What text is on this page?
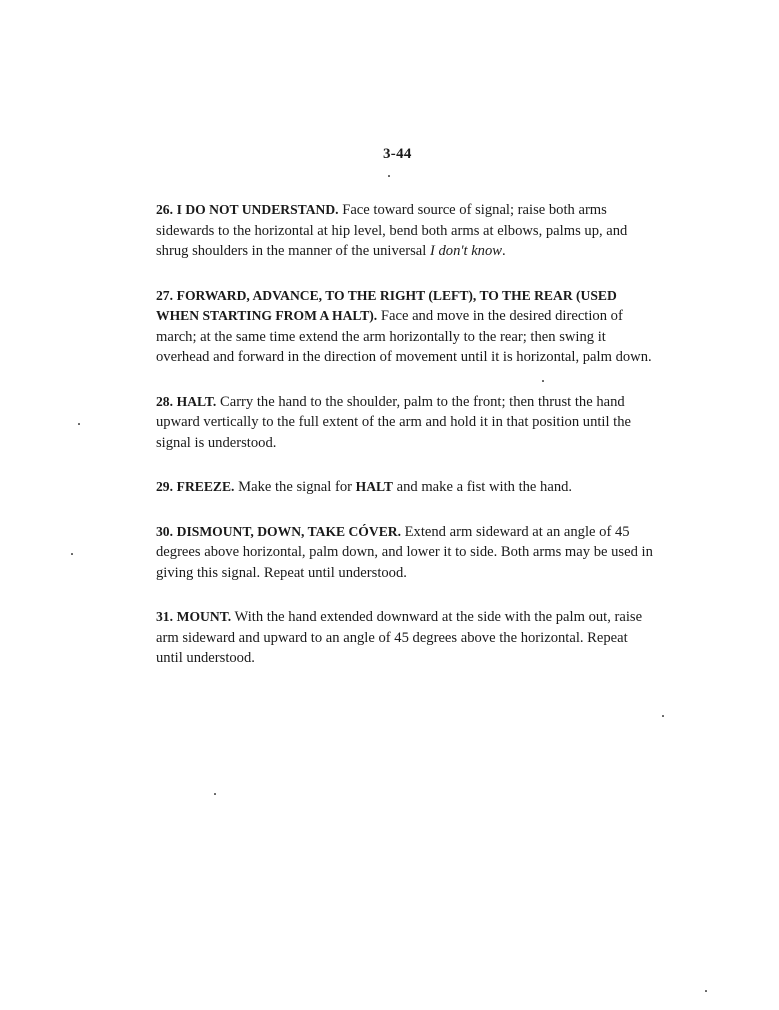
3-44

26. I DO NOT UNDERSTAND. Face toward source of signal; raise both arms sidewards to the horizontal at hip level, bend both arms at elbows, palms up, and shrug shoulders in the manner of the universal I don't know.

27. FORWARD, ADVANCE, TO THE RIGHT (LEFT), TO THE REAR (USED WHEN STARTING FROM A HALT). Face and move in the desired direction of march; at the same time extend the arm horizontally to the rear; then swing it overhead and forward in the direction of movement until it is horizontal, palm down.

28. HALT. Carry the hand to the shoulder, palm to the front; then thrust the hand upward vertically to the full extent of the arm and hold it in that position until the signal is understood.

29. FREEZE. Make the signal for HALT and make a fist with the hand.

30. DISMOUNT, DOWN, TAKE CÓVER. Extend arm sideward at an angle of 45 degrees above horizontal, palm down, and lower it to side. Both arms may be used in giving this signal. Repeat until understood.

31. MOUNT. With the hand extended downward at the side with the palm out, raise arm sideward and upward to an angle of 45 degrees above the horizontal. Repeat until understood.
